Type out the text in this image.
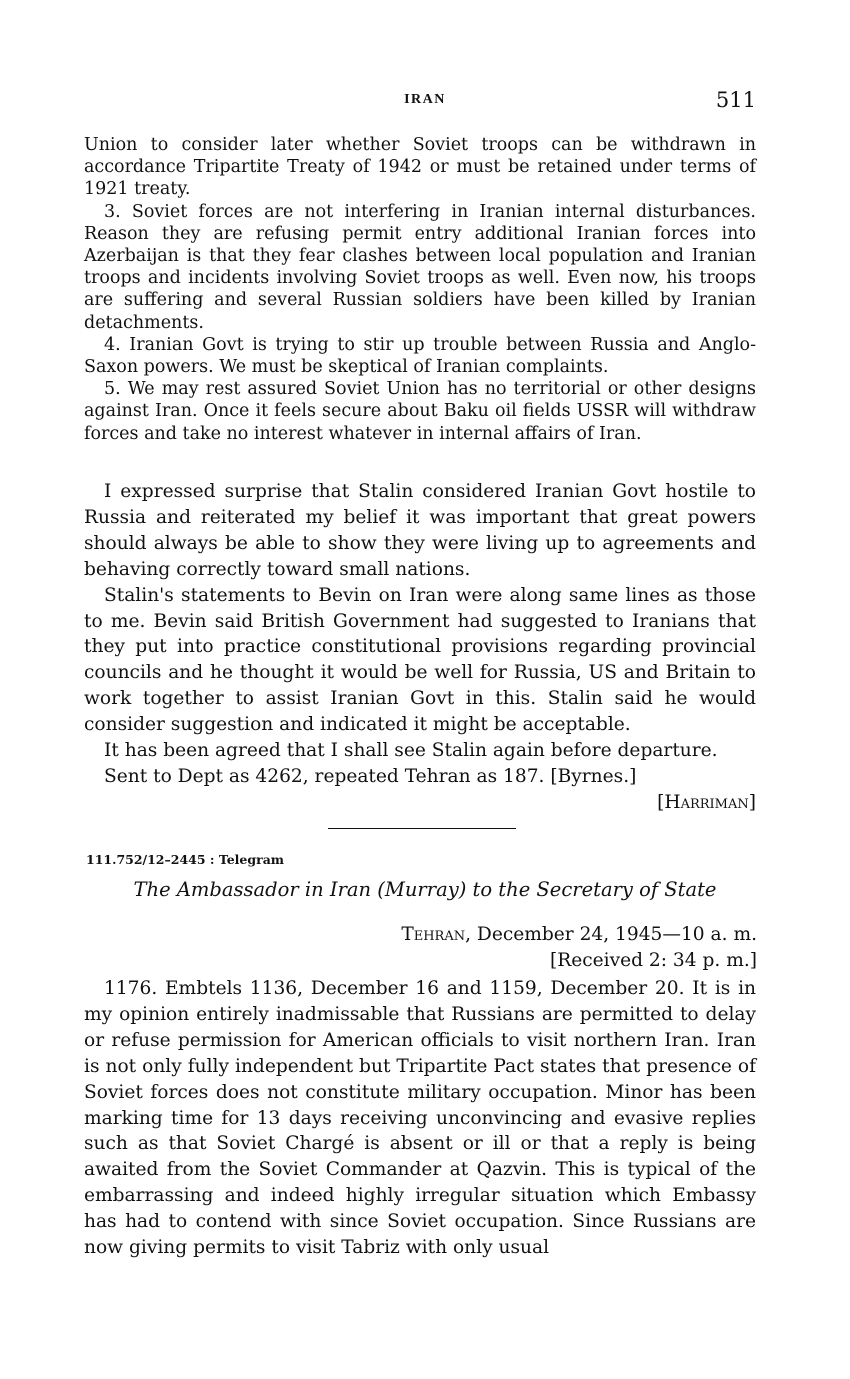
IRAN	511

Union to consider later whether Soviet troops can be withdrawn in accordance Tripartite Treaty of 1942 or must be retained under terms of 1921 treaty.

3. Soviet forces are not interfering in Iranian internal disturbances. Reason they are refusing permit entry additional Iranian forces into Azerbaijan is that they fear clashes between local population and Iranian troops and incidents involving Soviet troops as well. Even now, his troops are suffering and several Russian soldiers have been killed by Iranian detachments.

4. Iranian Govt is trying to stir up trouble between Russia and Anglo-Saxon powers. We must be skeptical of Iranian complaints.

5. We may rest assured Soviet Union has no territorial or other designs against Iran. Once it feels secure about Baku oil fields USSR will withdraw forces and take no interest whatever in internal affairs of Iran.

I expressed surprise that Stalin considered Iranian Govt hostile to Russia and reiterated my belief it was important that great powers should always be able to show they were living up to agreements and behaving correctly toward small nations.

Stalin's statements to Bevin on Iran were along same lines as those to me. Bevin said British Government had suggested to Iranians that they put into practice constitutional provisions regarding provincial councils and he thought it would be well for Russia, US and Britain to work together to assist Iranian Govt in this. Stalin said he would consider suggestion and indicated it might be acceptable.

It has been agreed that I shall see Stalin again before departure.

Sent to Dept as 4262, repeated Tehran as 187. [Byrnes.]

[Harriman]

111.752/12–2445 : Telegram
The Ambassador in Iran (Murray) to the Secretary of State
Tehran, December 24, 1945—10 a. m.
[Received 2: 34 p. m.]

1176. Embtels 1136, December 16 and 1159, December 20. It is in my opinion entirely inadmissable that Russians are permitted to delay or refuse permission for American officials to visit northern Iran. Iran is not only fully independent but Tripartite Pact states that presence of Soviet forces does not constitute military occupation. Minor has been marking time for 13 days receiving unconvincing and evasive replies such as that Soviet Chargé is absent or ill or that a reply is being awaited from the Soviet Commander at Qazvin. This is typical of the embarrassing and indeed highly irregular situation which Embassy has had to contend with since Soviet occupation. Since Russians are now giving permits to visit Tabriz with only usual
